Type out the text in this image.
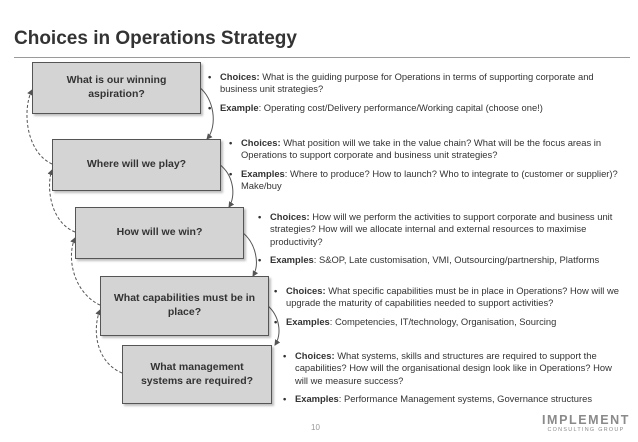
Choices in Operations Strategy
What is our winning aspiration?
Where will we play?
How will we win?
What capabilities must be in place?
What management systems are required?
• Choices: What is the guiding purpose for Operations in terms of supporting corporate and business unit strategies?
• Example: Operating cost/Delivery performance/Working capital (choose one!)
• Choices: What position will we take in the value chain? What will be the focus areas in Operations to support corporate and business unit strategies?
• Examples: Where to produce? How to launch? Who to integrate to (customer or supplier)? Make/buy
• Choices: How will we perform the activities to support corporate and business unit strategies? How will we allocate internal and external resources to maximise productivity?
• Examples: S&OP, Late customisation, VMI, Outsourcing/partnership, Platforms
• Choices: What specific capabilities must be in place in Operations? How will we upgrade the maturity of capabilities needed to support activities?
• Examples: Competencies, IT/technology, Organisation, Sourcing
• Choices: What systems, skills and structures are required to support the capabilities? How will the organisational design look like in Operations? How will we measure success?
• Examples: Performance Management systems, Governance structures
10
IMPLEMENT
CONSULTING GROUP
